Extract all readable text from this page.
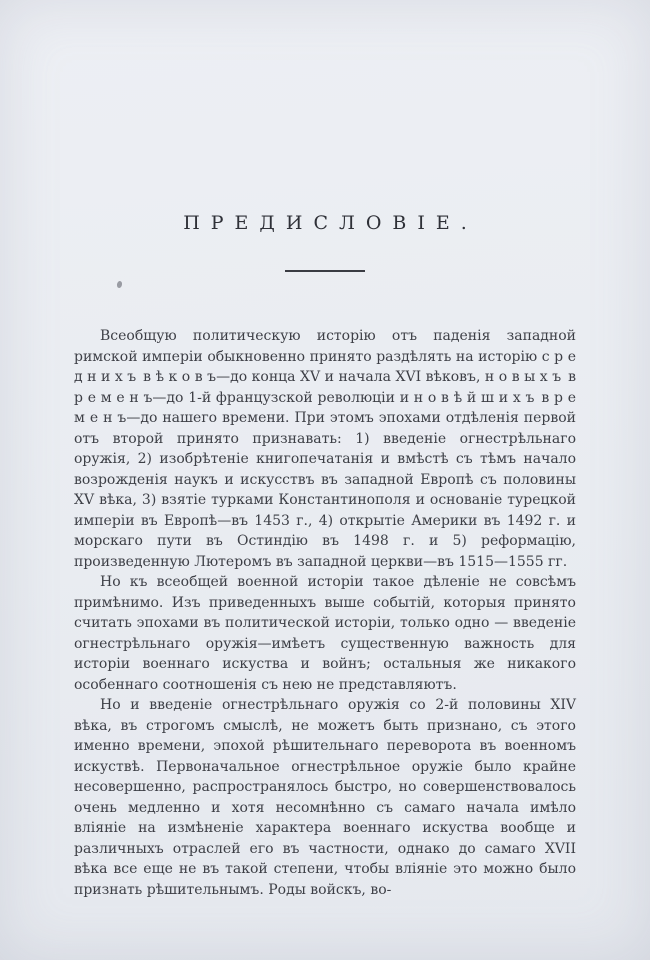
ПРЕДИСЛОВІЕ.

Всеобщую политическую исторію отъ паденія западной римской имперіи обыкновенно принято раздѣлять на исторію с р е д н и х ъ в ѣ к о в ъ—до конца XV и начала XVI вѣковъ, н о в ы х ъ в р е м е н ъ—до 1-й французской революціи и н о в ѣ й ш и х ъ в р е м е н ъ—до нашего времени. При этомъ эпохами отдѣленія первой отъ второй принято признавать: 1) введеніе огнестрѣльнаго оружія, 2) изобрѣтеніе книгопечатанія и вмѣстѣ съ тѣмъ начало возрожденія наукъ и искусствъ въ западной Европѣ съ половины XV вѣка, 3) взятіе турками Константинополя и основаніе турецкой имперіи въ Европѣ—въ 1453 г., 4) открытіе Америки въ 1492 г. и морскаго пути въ Остиндію въ 1498 г. и 5) реформацію, произведенную Лютеромъ въ западной церкви—въ 1515—1555 гг.

Но къ всеобщей военной исторіи такое дѣленіе не совсѣмъ примѣнимо. Изъ приведенныхъ выше событій, которыя принято считать эпохами въ политической исторіи, только одно — введеніе огнестрѣльнаго оружія—имѣетъ существенную важность для исторіи военнаго искуства и войнъ; остальныя же никакого особеннаго соотношенія съ нею не представляютъ.

Но и введеніе огнестрѣльнаго оружія со 2-й половины XIV вѣка, въ строгомъ смыслѣ, не можетъ быть признано, съ этого именно времени, эпохой рѣшительнаго переворота въ военномъ искуствѣ. Первоначальное огнестрѣльное оружіе было крайне несовершенно, распространялось быстро, но совершенствовалось очень медленно и хотя несомнѣнно съ самаго начала имѣло вліяніе на измѣненіе характера военнаго искуства вообще и различныхъ отраслей его въ частности, однако до самаго XVII вѣка все еще не въ такой степени, чтобы вліяніе это можно было признать рѣшительнымъ. Роды войскъ, во-
